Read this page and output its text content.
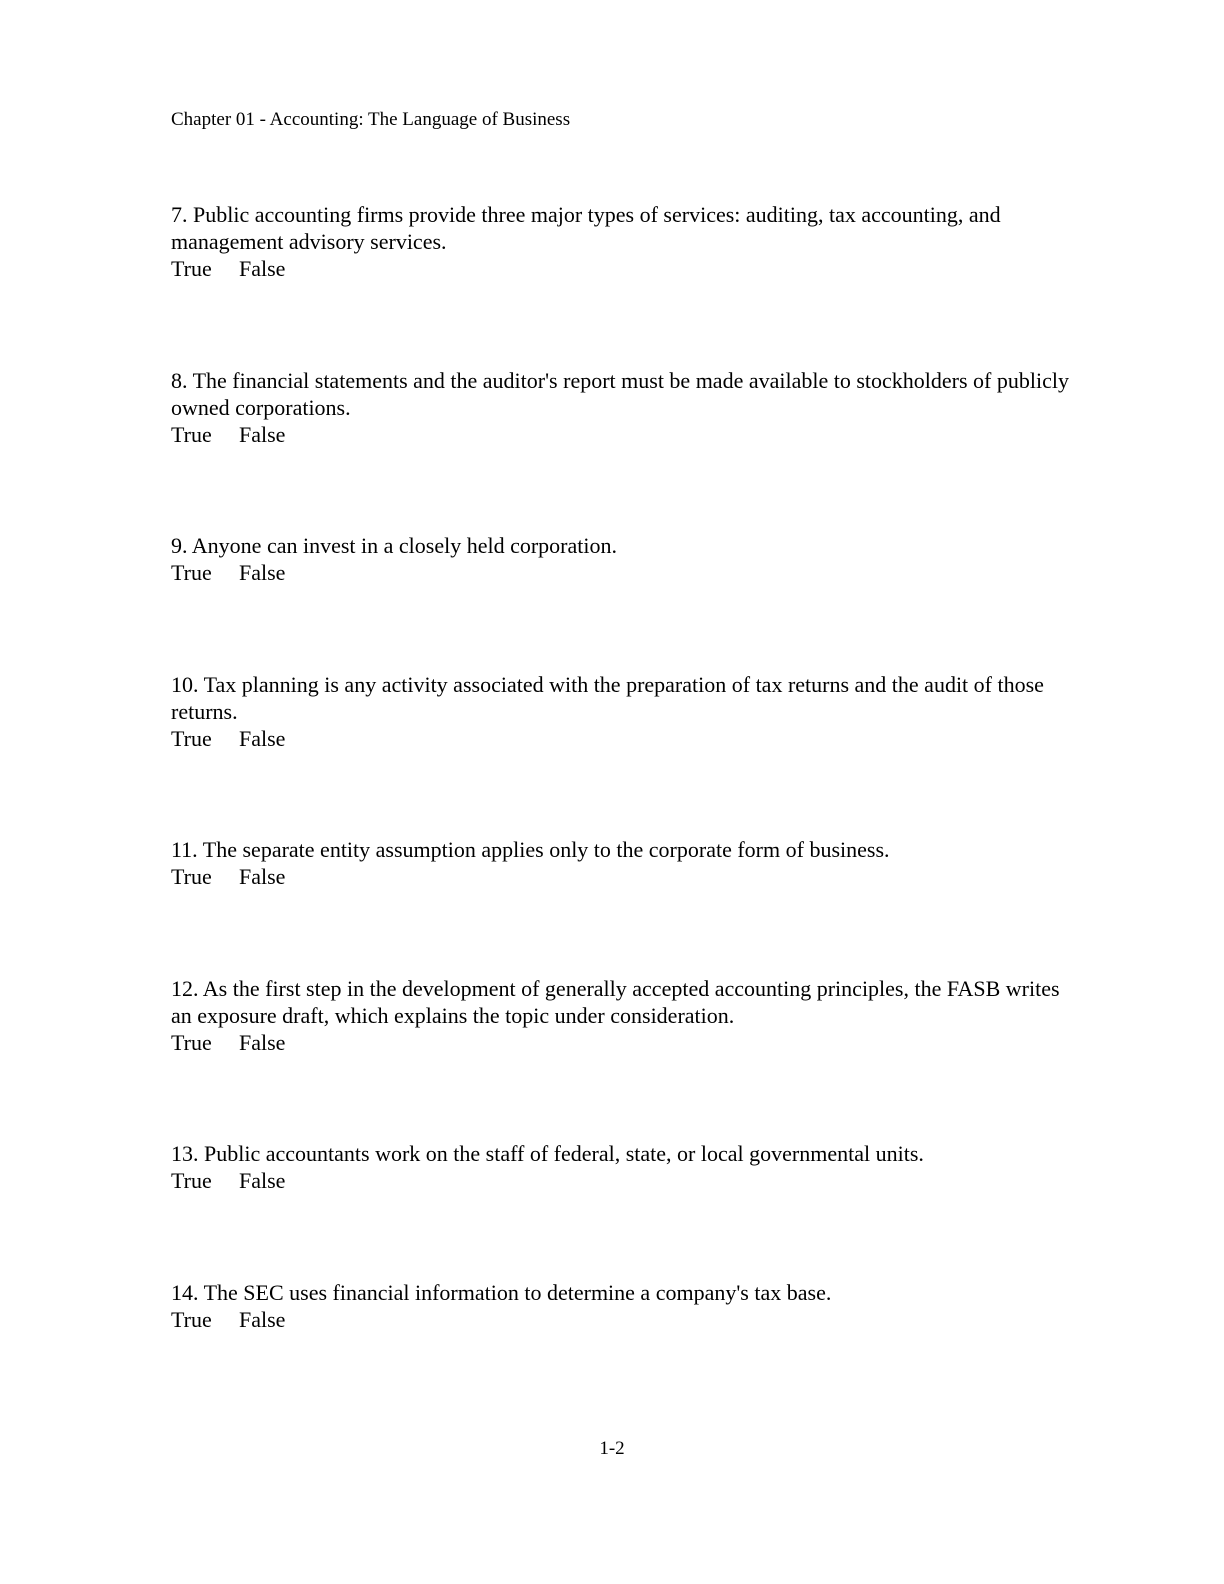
Chapter 01 - Accounting: The Language of Business
7. Public accounting firms provide three major types of services: auditing, tax accounting, and management advisory services.
True False
8. The financial statements and the auditor's report must be made available to stockholders of publicly owned corporations.
True False
9. Anyone can invest in a closely held corporation.
True False
10. Tax planning is any activity associated with the preparation of tax returns and the audit of those returns.
True False
11. The separate entity assumption applies only to the corporate form of business.
True False
12. As the first step in the development of generally accepted accounting principles, the FASB writes an exposure draft, which explains the topic under consideration.
True False
13. Public accountants work on the staff of federal, state, or local governmental units.
True False
14. The SEC uses financial information to determine a company's tax base.
True False
1-2
